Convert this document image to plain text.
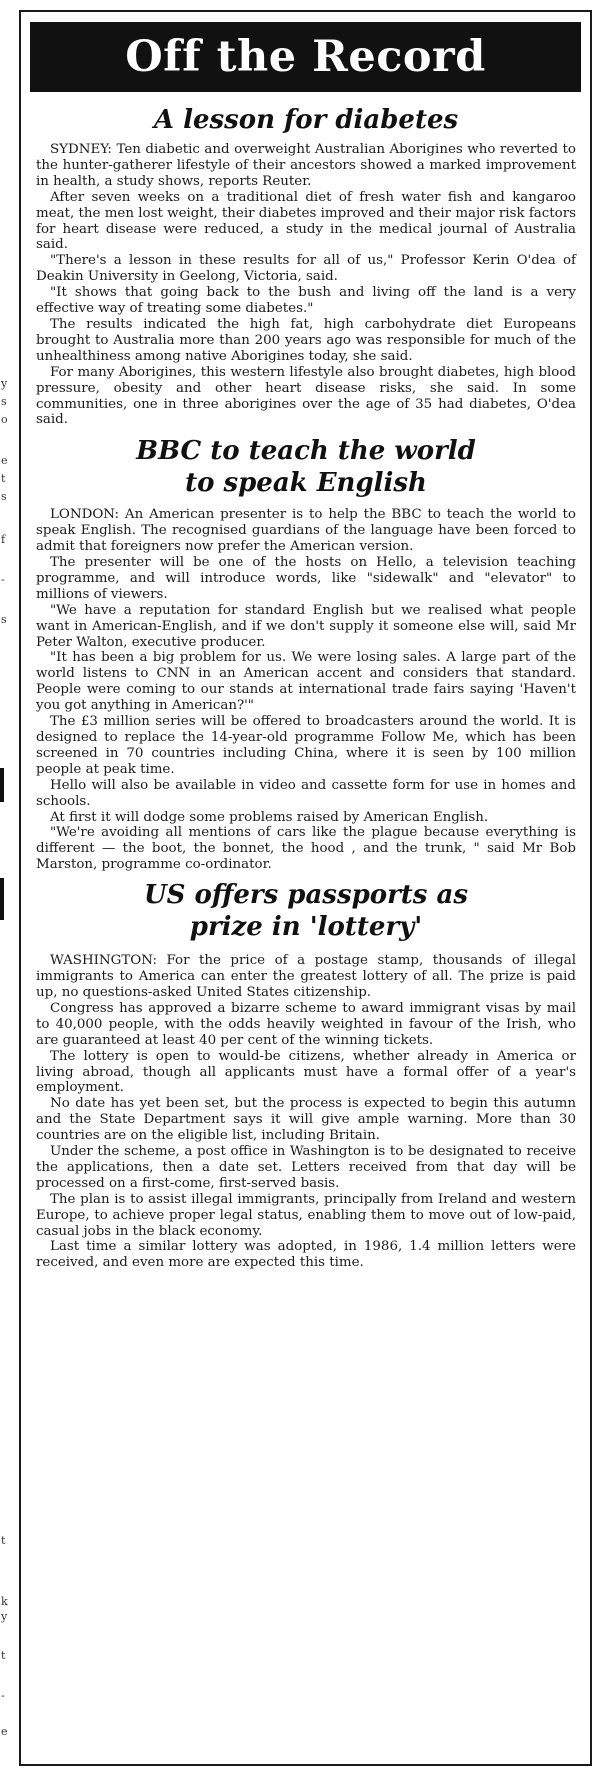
y
s
o
e
t
s
f
-
s
t
k
y
t
-
e
Off the Record
A lesson for diabetes

SYDNEY: Ten diabetic and overweight Australian Aborigines who reverted to the hunter-gatherer lifestyle of their ancestors showed a marked improvement in health, a study shows, reports Reuter.

After seven weeks on a traditional diet of fresh water fish and kangaroo meat, the men lost weight, their diabetes improved and their major risk factors for heart disease were reduced, a study in the medical journal of Australia said.

"There's a lesson in these results for all of us," Professor Kerin O'dea of Deakin University in Geelong, Victoria, said.

"It shows that going back to the bush and living off the land is a very effective way of treating some diabetes."

The results indicated the high fat, high carbohydrate diet Europeans brought to Australia more than 200 years ago was responsible for much of the unhealthiness among native Aborigines today, she said.

For many Aborigines, this western lifestyle also brought diabetes, high blood pressure, obesity and other heart disease risks, she said. In some communities, one in three aborigines over the age of 35 had diabetes, O'dea said.

BBC to teach the world
to speak English

LONDON: An American presenter is to help the BBC to teach the world to speak English. The recognised guardians of the language have been forced to admit that foreigners now prefer the American version.

The presenter will be one of the hosts on Hello, a television teaching programme, and will introduce words, like "sidewalk" and "elevator" to millions of viewers.

"We have a reputation for standard English but we realised what people want in American-English, and if we don't supply it someone else will, said Mr Peter Walton, executive producer.

"It has been a big problem for us. We were losing sales. A large part of the world listens to CNN in an American accent and considers that standard. People were coming to our stands at international trade fairs saying 'Haven't you got anything in American?'"

The £3 million series will be offered to broadcasters around the world. It is designed to replace the 14-year-old programme Follow Me, which has been screened in 70 countries including China, where it is seen by 100 million people at peak time.

Hello will also be available in video and cassette form for use in homes and schools.

At first it will dodge some problems raised by American English.

"We're avoiding all mentions of cars like the plague because everything is different — the boot, the bonnet, the hood , and the trunk, " said Mr Bob Marston, programme co-ordinator.

US offers passports as
prize in 'lottery'

WASHINGTON: For the price of a postage stamp, thousands of illegal immigrants to America can enter the greatest lottery of all. The prize is paid up, no questions-asked United States citizenship.

Congress has approved a bizarre scheme to award immigrant visas by mail to 40,000 people, with the odds heavily weighted in favour of the Irish, who are guaranteed at least 40 per cent of the winning tickets.

The lottery is open to would-be citizens, whether already in America or living abroad, though all applicants must have a formal offer of a year's employment.

No date has yet been set, but the process is expected to begin this autumn and the State Department says it will give ample warning. More than 30 countries are on the eligible list, including Britain.

Under the scheme, a post office in Washington is to be designated to receive the applications, then a date set. Letters received from that day will be processed on a first-come, first-served basis.

The plan is to assist illegal immigrants, principally from Ireland and western Europe, to achieve proper legal status, enabling them to move out of low-paid, casual jobs in the black economy.

Last time a similar lottery was adopted, in 1986, 1.4 million letters were received, and even more are expected this time.
